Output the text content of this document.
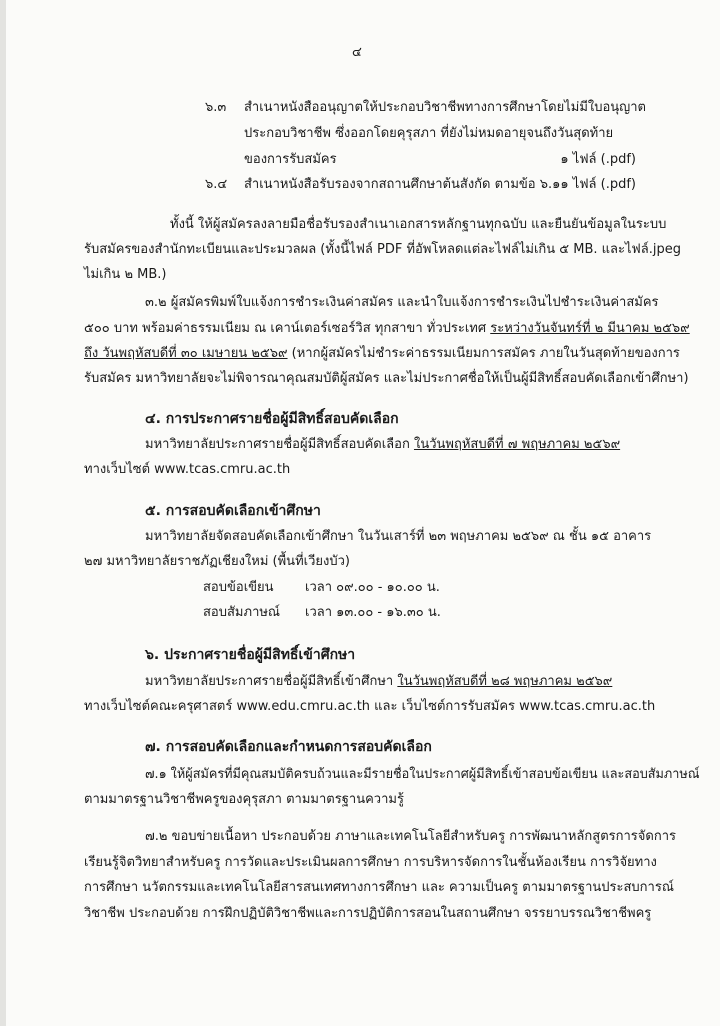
๔
๖.๓ สำเนาหนังสืออนุญาตให้ประกอบวิชาชีพทางการศึกษาโดยไม่มีใบอนุญาต
ประกอบวิชาชีพ ซึ่งออกโดยคุรุสภา ที่ยังไม่หมดอายุจนถึงวันสุดท้าย
ของการรับสมัคร	๑ ไฟล์ (.pdf)
๖.๔ สำเนาหนังสือรับรองจากสถานศึกษาต้นสังกัด ตามข้อ ๖.๑ ๑ ไฟล์ (.pdf)
ทั้งนี้ ให้ผู้สมัครลงลายมือชื่อรับรองสำเนาเอกสารหลักฐานทุกฉบับ และยืนยันข้อมูลในระบบ
รับสมัครของสำนักทะเบียนและประมวลผล (ทั้งนี้ไฟล์ PDF ที่อัพโหลดแต่ละไฟล์ไม่เกิน ๕ MB. และไฟล์.jpeg
ไม่เกิน ๒ MB.)
๓.๒ ผู้สมัครพิมพ์ใบแจ้งการชำระเงินค่าสมัคร และนำใบแจ้งการชำระเงินไปชำระเงินค่าสมัคร
๕๐๐ บาท พร้อมค่าธรรมเนียม ณ เคาน์เตอร์เซอร์วิส ทุกสาขา ทั่วประเทศ ระหว่างวันจันทร์ที่ ๒ มีนาคม ๒๕๖๙
ถึง วันพฤหัสบดีที่ ๓๐ เมษายน ๒๕๖๙ (หากผู้สมัครไม่ชำระค่าธรรมเนียมการสมัคร ภายในวันสุดท้ายของการ
รับสมัคร มหาวิทยาลัยจะไม่พิจารณาคุณสมบัติผู้สมัคร และไม่ประกาศชื่อให้เป็นผู้มีสิทธิ์สอบคัดเลือกเข้าศึกษา)
๔. การประกาศรายชื่อผู้มีสิทธิ์สอบคัดเลือก
มหาวิทยาลัยประกาศรายชื่อผู้มีสิทธิ์สอบคัดเลือก ในวันพฤหัสบดีที่ ๗ พฤษภาคม ๒๕๖๙
ทางเว็บไซต์ www.tcas.cmru.ac.th
๕. การสอบคัดเลือกเข้าศึกษา
มหาวิทยาลัยจัดสอบคัดเลือกเข้าศึกษา ในวันเสาร์ที่ ๒๓ พฤษภาคม ๒๕๖๙ ณ ชั้น ๑๕ อาคาร
๒๗ มหาวิทยาลัยราชภัฏเชียงใหม่ (พื้นที่เวียงบัว)
สอบข้อเขียน เวลา ๐๙.๐๐ - ๑๐.๐๐ น.
สอบสัมภาษณ์ เวลา ๑๓.๐๐ - ๑๖.๓๐ น.
๖. ประกาศรายชื่อผู้มีสิทธิ์เข้าศึกษา
มหาวิทยาลัยประกาศรายชื่อผู้มีสิทธิ์เข้าศึกษา ในวันพฤหัสบดีที่ ๒๘ พฤษภาคม ๒๕๖๙
ทางเว็บไซต์คณะครุศาสตร์ www.edu.cmru.ac.th และ เว็บไซต์การรับสมัคร www.tcas.cmru.ac.th
๗. การสอบคัดเลือกและกำหนดการสอบคัดเลือก
๗.๑ ให้ผู้สมัครที่มีคุณสมบัติครบถ้วนและมีรายชื่อในประกาศผู้มีสิทธิ์เข้าสอบข้อเขียน และสอบสัมภาษณ์
ตามมาตรฐานวิชาชีพครูของคุรุสภา ตามมาตรฐานความรู้
๗.๒ ขอบข่ายเนื้อหา ประกอบด้วย ภาษาและเทคโนโลยีสำหรับครู การพัฒนาหลักสูตรการจัดการ
เรียนรู้จิตวิทยาสำหรับครู การวัดและประเมินผลการศึกษา การบริหารจัดการในชั้นห้องเรียน การวิจัยทาง
การศึกษา นวัตกรรมและเทคโนโลยีสารสนเทศทางการศึกษา และ ความเป็นครู ตามมาตรฐานประสบการณ์
วิชาชีพ ประกอบด้วย การฝึกปฏิบัติวิชาชีพและการปฏิบัติการสอนในสถานศึกษา จรรยาบรรณวิชาชีพครู
